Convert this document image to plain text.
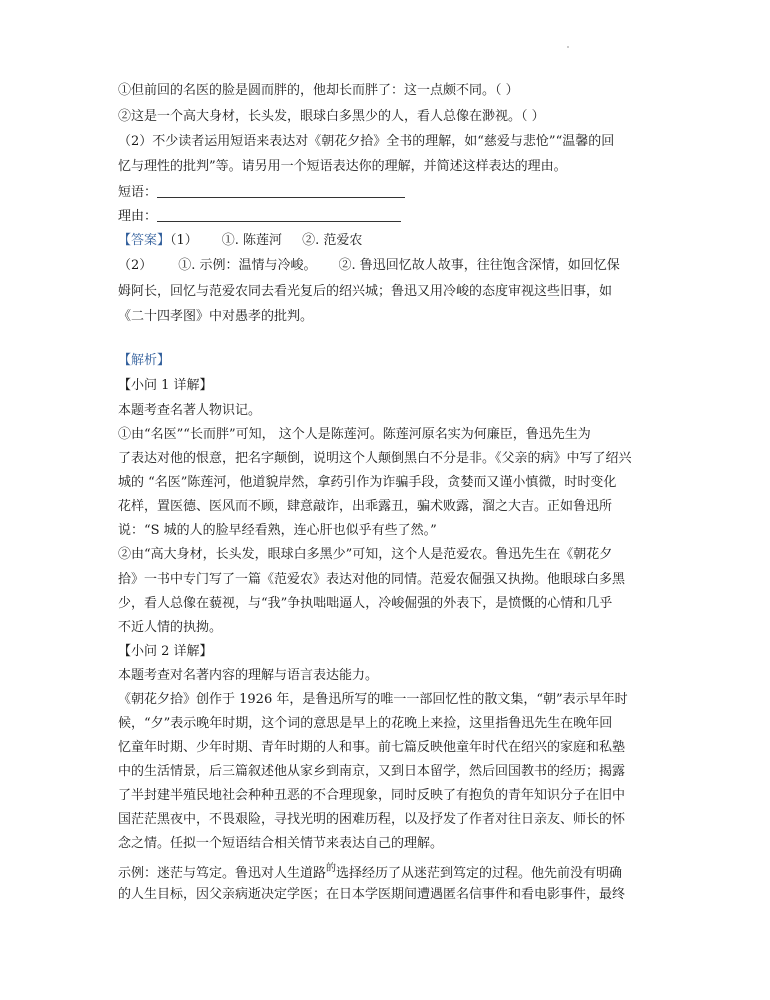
①但前回的名医的脸是圆而胖的，他却长而胖了：这一点颇不同。（ ）
②这是一个高大身材，长头发，眼球白多黑少的人，看人总像在渺视。（ ）
（2）不少读者运用短语来表达对《朝花夕拾》全书的理解，如“慈爱与悲怆”“温馨的回
忆与理性的批判”等。请另用一个短语表达你的理解，并简述这样表达的理由。
短语：
理由：
【答案】（1） ①. 陈莲河 ②. 范爱农
（2） ①. 示例：温情与冷峻。 ②. 鲁迅回忆故人故事，往往饱含深情，如回忆保
姆阿长，回忆与范爱农同去看光复后的绍兴城；鲁迅又用冷峻的态度审视这些旧事，如
《二十四孝图》中对愚孝的批判。
【解析】
【小问 1 详解】
本题考查名著人物识记。
①由“名医”“长而胖”可知， 这个人是陈莲河。陈莲河原名实为何廉臣，鲁迅先生为
了表达对他的恨意，把名字颠倒，说明这个人颠倒黑白不分是非。《父亲的病》中写了绍兴
城的 “名医”陈莲河，他道貌岸然，拿药引作为诈骗手段，贪婪而又谨小慎微，时时变化
花样，置医德、医风而不顾，肆意敲诈，出乖露丑，骗术败露，溜之大吉。正如鲁迅所
说：“S 城的人的脸早经看熟，连心肝也似乎有些了然。”
②由“高大身材，长头发，眼球白多黑少”可知，这个人是范爱农。鲁迅先生在《朝花夕
拾》一书中专门写了一篇《范爱农》表达对他的同情。范爱农倔强又执拗。他眼球白多黑
少，看人总像在藐视，与“我”争执咄咄逼人，冷峻倔强的外表下，是愤慨的心情和几乎
不近人情的执拗。
【小问 2 详解】
本题考查对名著内容的理解与语言表达能力。
《朝花夕拾》创作于 1926 年，是鲁迅所写的唯一一部回忆性的散文集，“朝”表示早年时
候，“夕”表示晚年时期，这个词的意思是早上的花晚上来捡，这里指鲁迅先生在晚年回
忆童年时期、少年时期、青年时期的人和事。前七篇反映他童年时代在绍兴的家庭和私塾
中的生活情景，后三篇叙述他从家乡到南京，又到日本留学，然后回国教书的经历；揭露
了半封建半殖民地社会种种丑恶的不合理现象，同时反映了有抱负的青年知识分子在旧中
国茫茫黑夜中，不畏艰险，寻找光明的困难历程，以及抒发了作者对往日亲友、师长的怀
念之情。任拟一个短语结合相关情节来表达自己的理解。
示例：迷茫与笃定。鲁迅对人生道路$^的$选择经历了从迷茫到笃定的过程。他先前没有明确
的人生目标，因父亲病逝决定学医；在日本学医期间遭遇匿名信事件和看电影事件，最终
